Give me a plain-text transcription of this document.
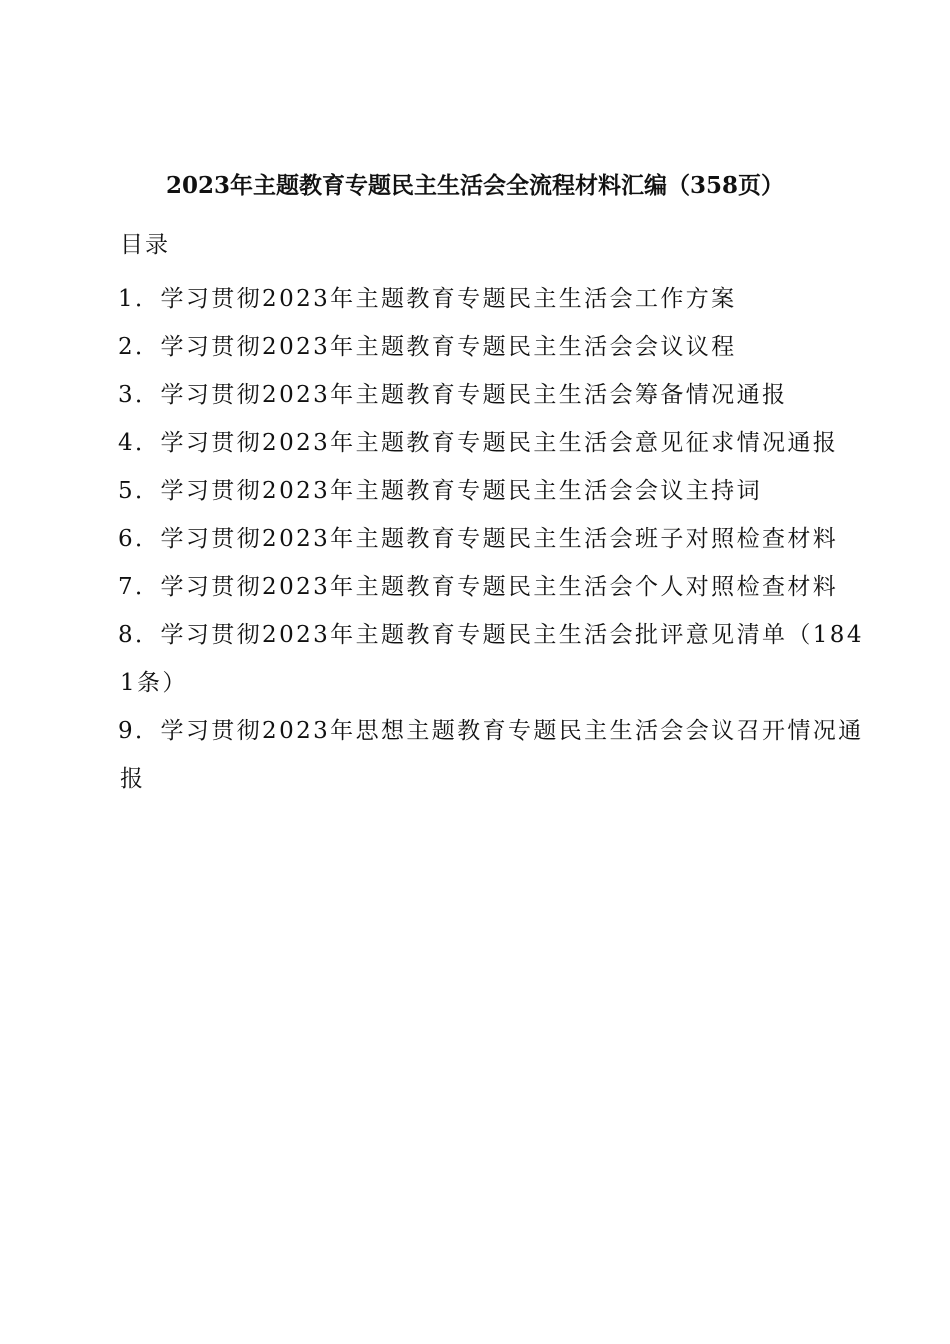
2023年主题教育专题民主生活会全流程材料汇编（358页）
目录
1．学习贯彻2023年主题教育专题民主生活会工作方案
2．学习贯彻2023年主题教育专题民主生活会会议议程
3．学习贯彻2023年主题教育专题民主生活会筹备情况通报
4．学习贯彻2023年主题教育专题民主生活会意见征求情况通报
5．学习贯彻2023年主题教育专题民主生活会会议主持词
6．学习贯彻2023年主题教育专题民主生活会班子对照检查材料
7．学习贯彻2023年主题教育专题民主生活会个人对照检查材料
8．学习贯彻2023年主题教育专题民主生活会批评意见清单（184
1条）
9．学习贯彻2023年思想主题教育专题民主生活会会议召开情况通
报
